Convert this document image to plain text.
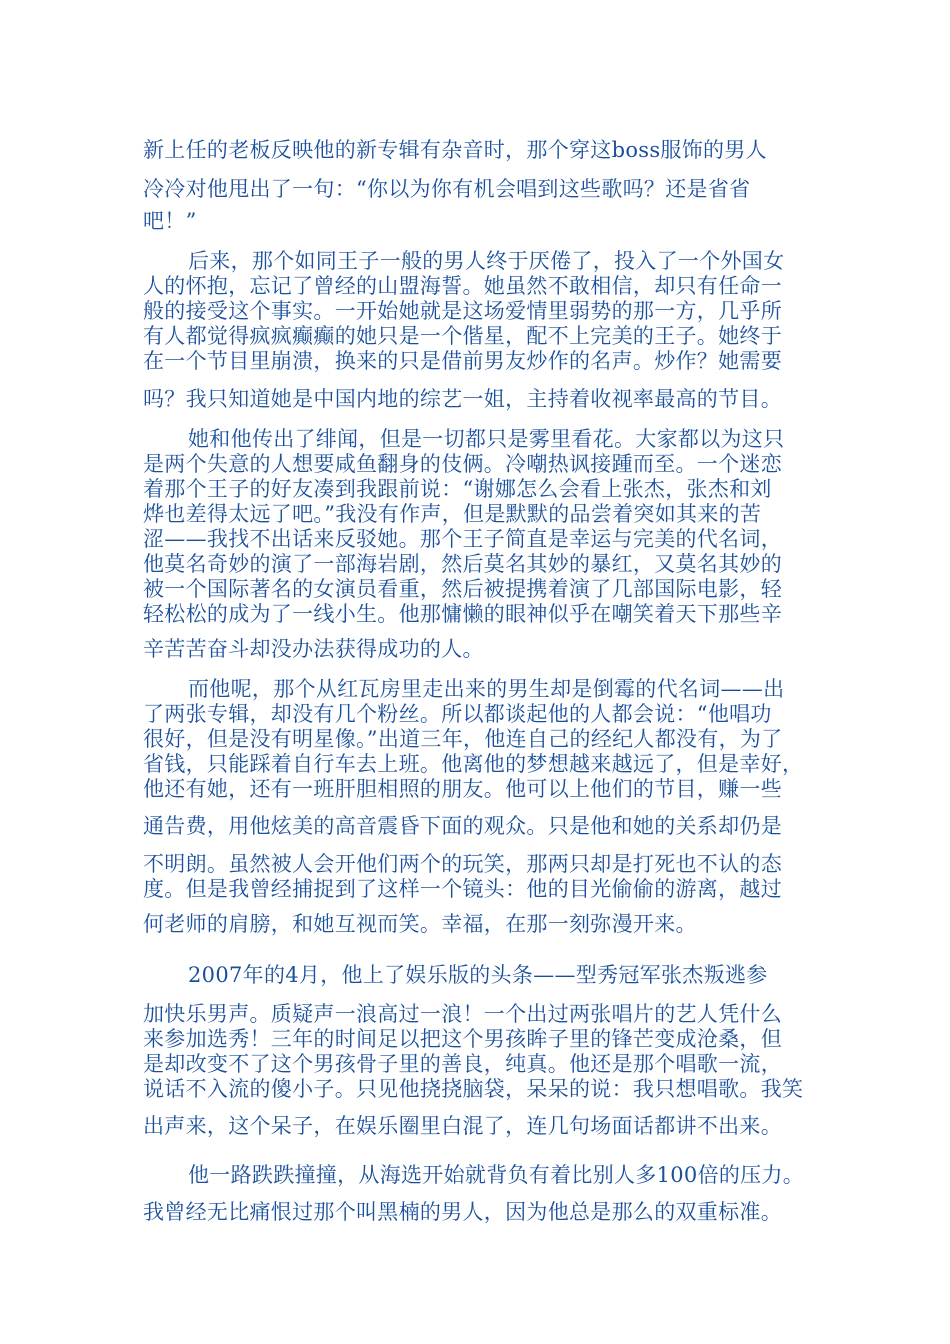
新上任的老板反映他的新专辑有杂音时，那个穿这boss服饰的男人
冷冷对他甩出了一句：“你以为你有机会唱到这些歌吗？还是省省
吧！”
后来，那个如同王子一般的男人终于厌倦了，投入了一个外国女
人的怀抱，忘记了曾经的山盟海誓。她虽然不敢相信，却只有任命一
般的接受这个事实。一开始她就是这场爱情里弱势的那一方，几乎所
有人都觉得疯疯癫癫的她只是一个偕星，配不上完美的王子。她终于
在一个节目里崩溃，换来的只是借前男友炒作的名声。炒作？她需要
吗？我只知道她是中国内地的综艺一姐，主持着收视率最高的节目。
她和他传出了绯闻，但是一切都只是雾里看花。大家都以为这只
是两个失意的人想要咸鱼翻身的伎俩。冷嘲热讽接踵而至。一个迷恋
着那个王子的好友凑到我跟前说：“谢娜怎么会看上张杰，张杰和刘
烨也差得太远了吧。”我没有作声，但是默默的品尝着突如其来的苦
涩——我找不出话来反驳她。那个王子简直是幸运与完美的代名词，
他莫名奇妙的演了一部海岩剧，然后莫名其妙的暴红，又莫名其妙的
被一个国际著名的女演员看重，然后被提携着演了几部国际电影，轻
轻松松的成为了一线小生。他那慵懒的眼神似乎在嘲笑着天下那些辛
辛苦苦奋斗却没办法获得成功的人。
而他呢，那个从红瓦房里走出来的男生却是倒霉的代名词——出
了两张专辑，却没有几个粉丝。所以都谈起他的人都会说：“他唱功
很好，但是没有明星像。”出道三年，他连自己的经纪人都没有，为了
省钱，只能踩着自行车去上班。他离他的梦想越来越远了，但是幸好，
他还有她，还有一班肝胆相照的朋友。他可以上他们的节目，赚一些
通告费，用他炫美的高音震昏下面的观众。只是他和她的关系却仍是
不明朗。虽然被人会开他们两个的玩笑，那两只却是打死也不认的态
度。但是我曾经捕捉到了这样一个镜头：他的目光偷偷的游离，越过
何老师的肩膀，和她互视而笑。幸福，在那一刻弥漫开来。
2007年的4月，他上了娱乐版的头条——型秀冠军张杰叛逃参
加快乐男声。质疑声一浪高过一浪！一个出过两张唱片的艺人凭什么
来参加选秀！三年的时间足以把这个男孩眸子里的锋芒变成沧桑，但
是却改变不了这个男孩骨子里的善良，纯真。他还是那个唱歌一流，
说话不入流的傻小子。只见他挠挠脑袋，呆呆的说：我只想唱歌。我笑
出声来，这个呆子，在娱乐圈里白混了，连几句场面话都讲不出来。
他一路跌跌撞撞，从海选开始就背负有着比别人多100倍的压力。
我曾经无比痛恨过那个叫黑楠的男人，因为他总是那么的双重标准。
